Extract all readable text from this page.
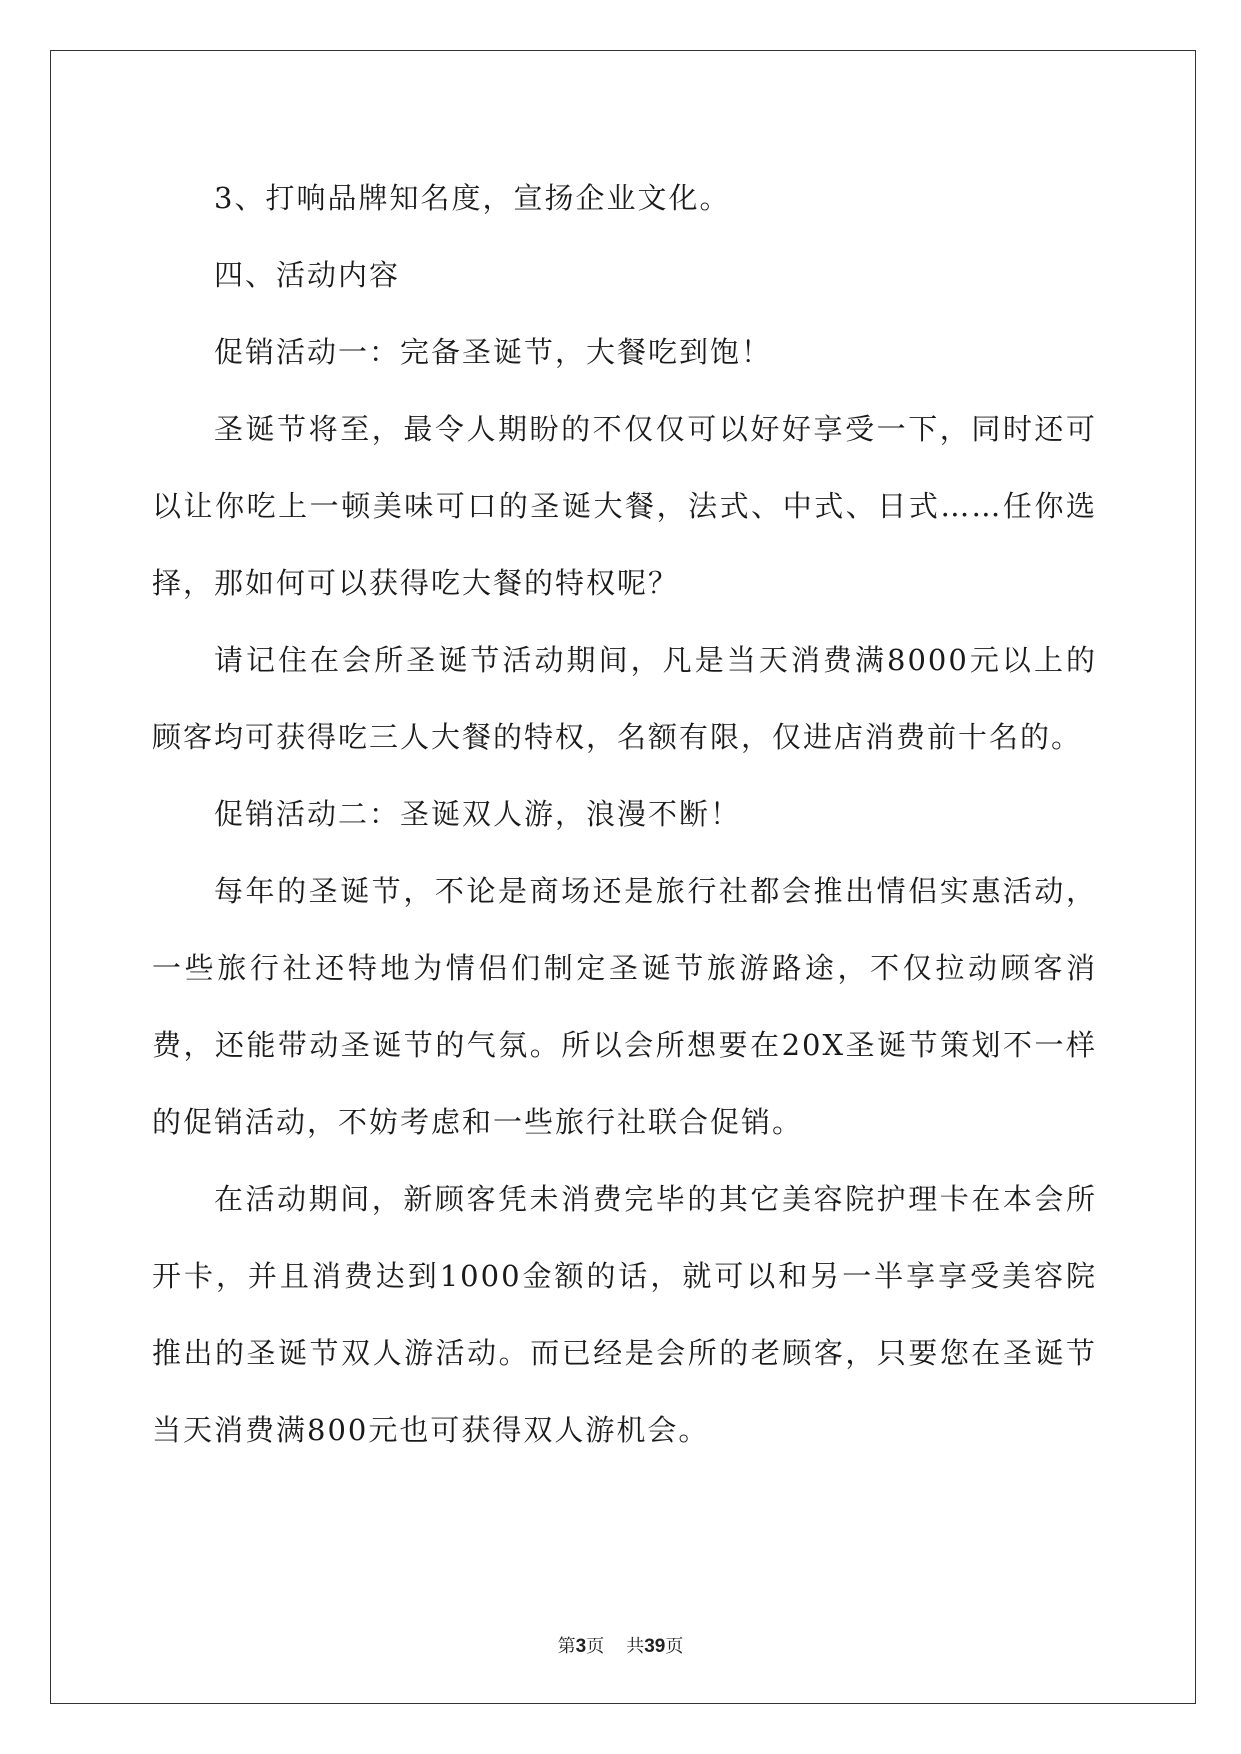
3、打响品牌知名度，宣扬企业文化。

四、活动内容

促销活动一：完备圣诞节，大餐吃到饱！

圣诞节将至，最令人期盼的不仅仅可以好好享受一下，同时还可以让你吃上一顿美味可口的圣诞大餐，法式、中式、日式……任你选择，那如何可以获得吃大餐的特权呢？

请记住在会所圣诞节活动期间，凡是当天消费满8000元以上的顾客均可获得吃三人大餐的特权，名额有限，仅进店消费前十名的。

促销活动二：圣诞双人游，浪漫不断！

每年的圣诞节，不论是商场还是旅行社都会推出情侣实惠活动，一些旅行社还特地为情侣们制定圣诞节旅游路途，不仅拉动顾客消费，还能带动圣诞节的气氛。所以会所想要在20X圣诞节策划不一样的促销活动，不妨考虑和一些旅行社联合促销。

在活动期间，新顾客凭未消费完毕的其它美容院护理卡在本会所开卡，并且消费达到1000金额的话，就可以和另一半享享受美容院推出的圣诞节双人游活动。而已经是会所的老顾客，只要您在圣诞节当天消费满800元也可获得双人游机会。

第3页 共39页
